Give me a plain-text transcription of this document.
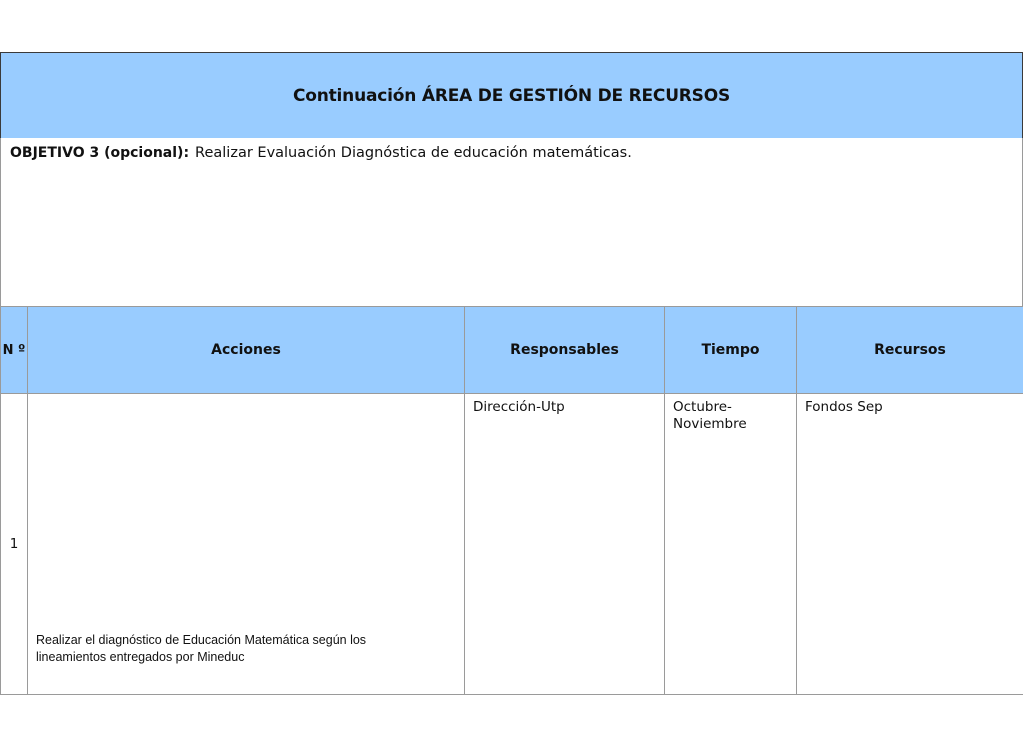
Continuación ÁREA DE GESTIÓN DE RECURSOS
OBJETIVO 3 (opcional): Realizar Evaluación Diagnóstica de educación matemáticas.
N º	Acciones	Responsables	Tiempo	Recursos
1	Realizar el diagnóstico de Educación Matemática según los lineamientos entregados por Mineduc	Dirección-Utp	Octubre-Noviembre	Fondos Sep
